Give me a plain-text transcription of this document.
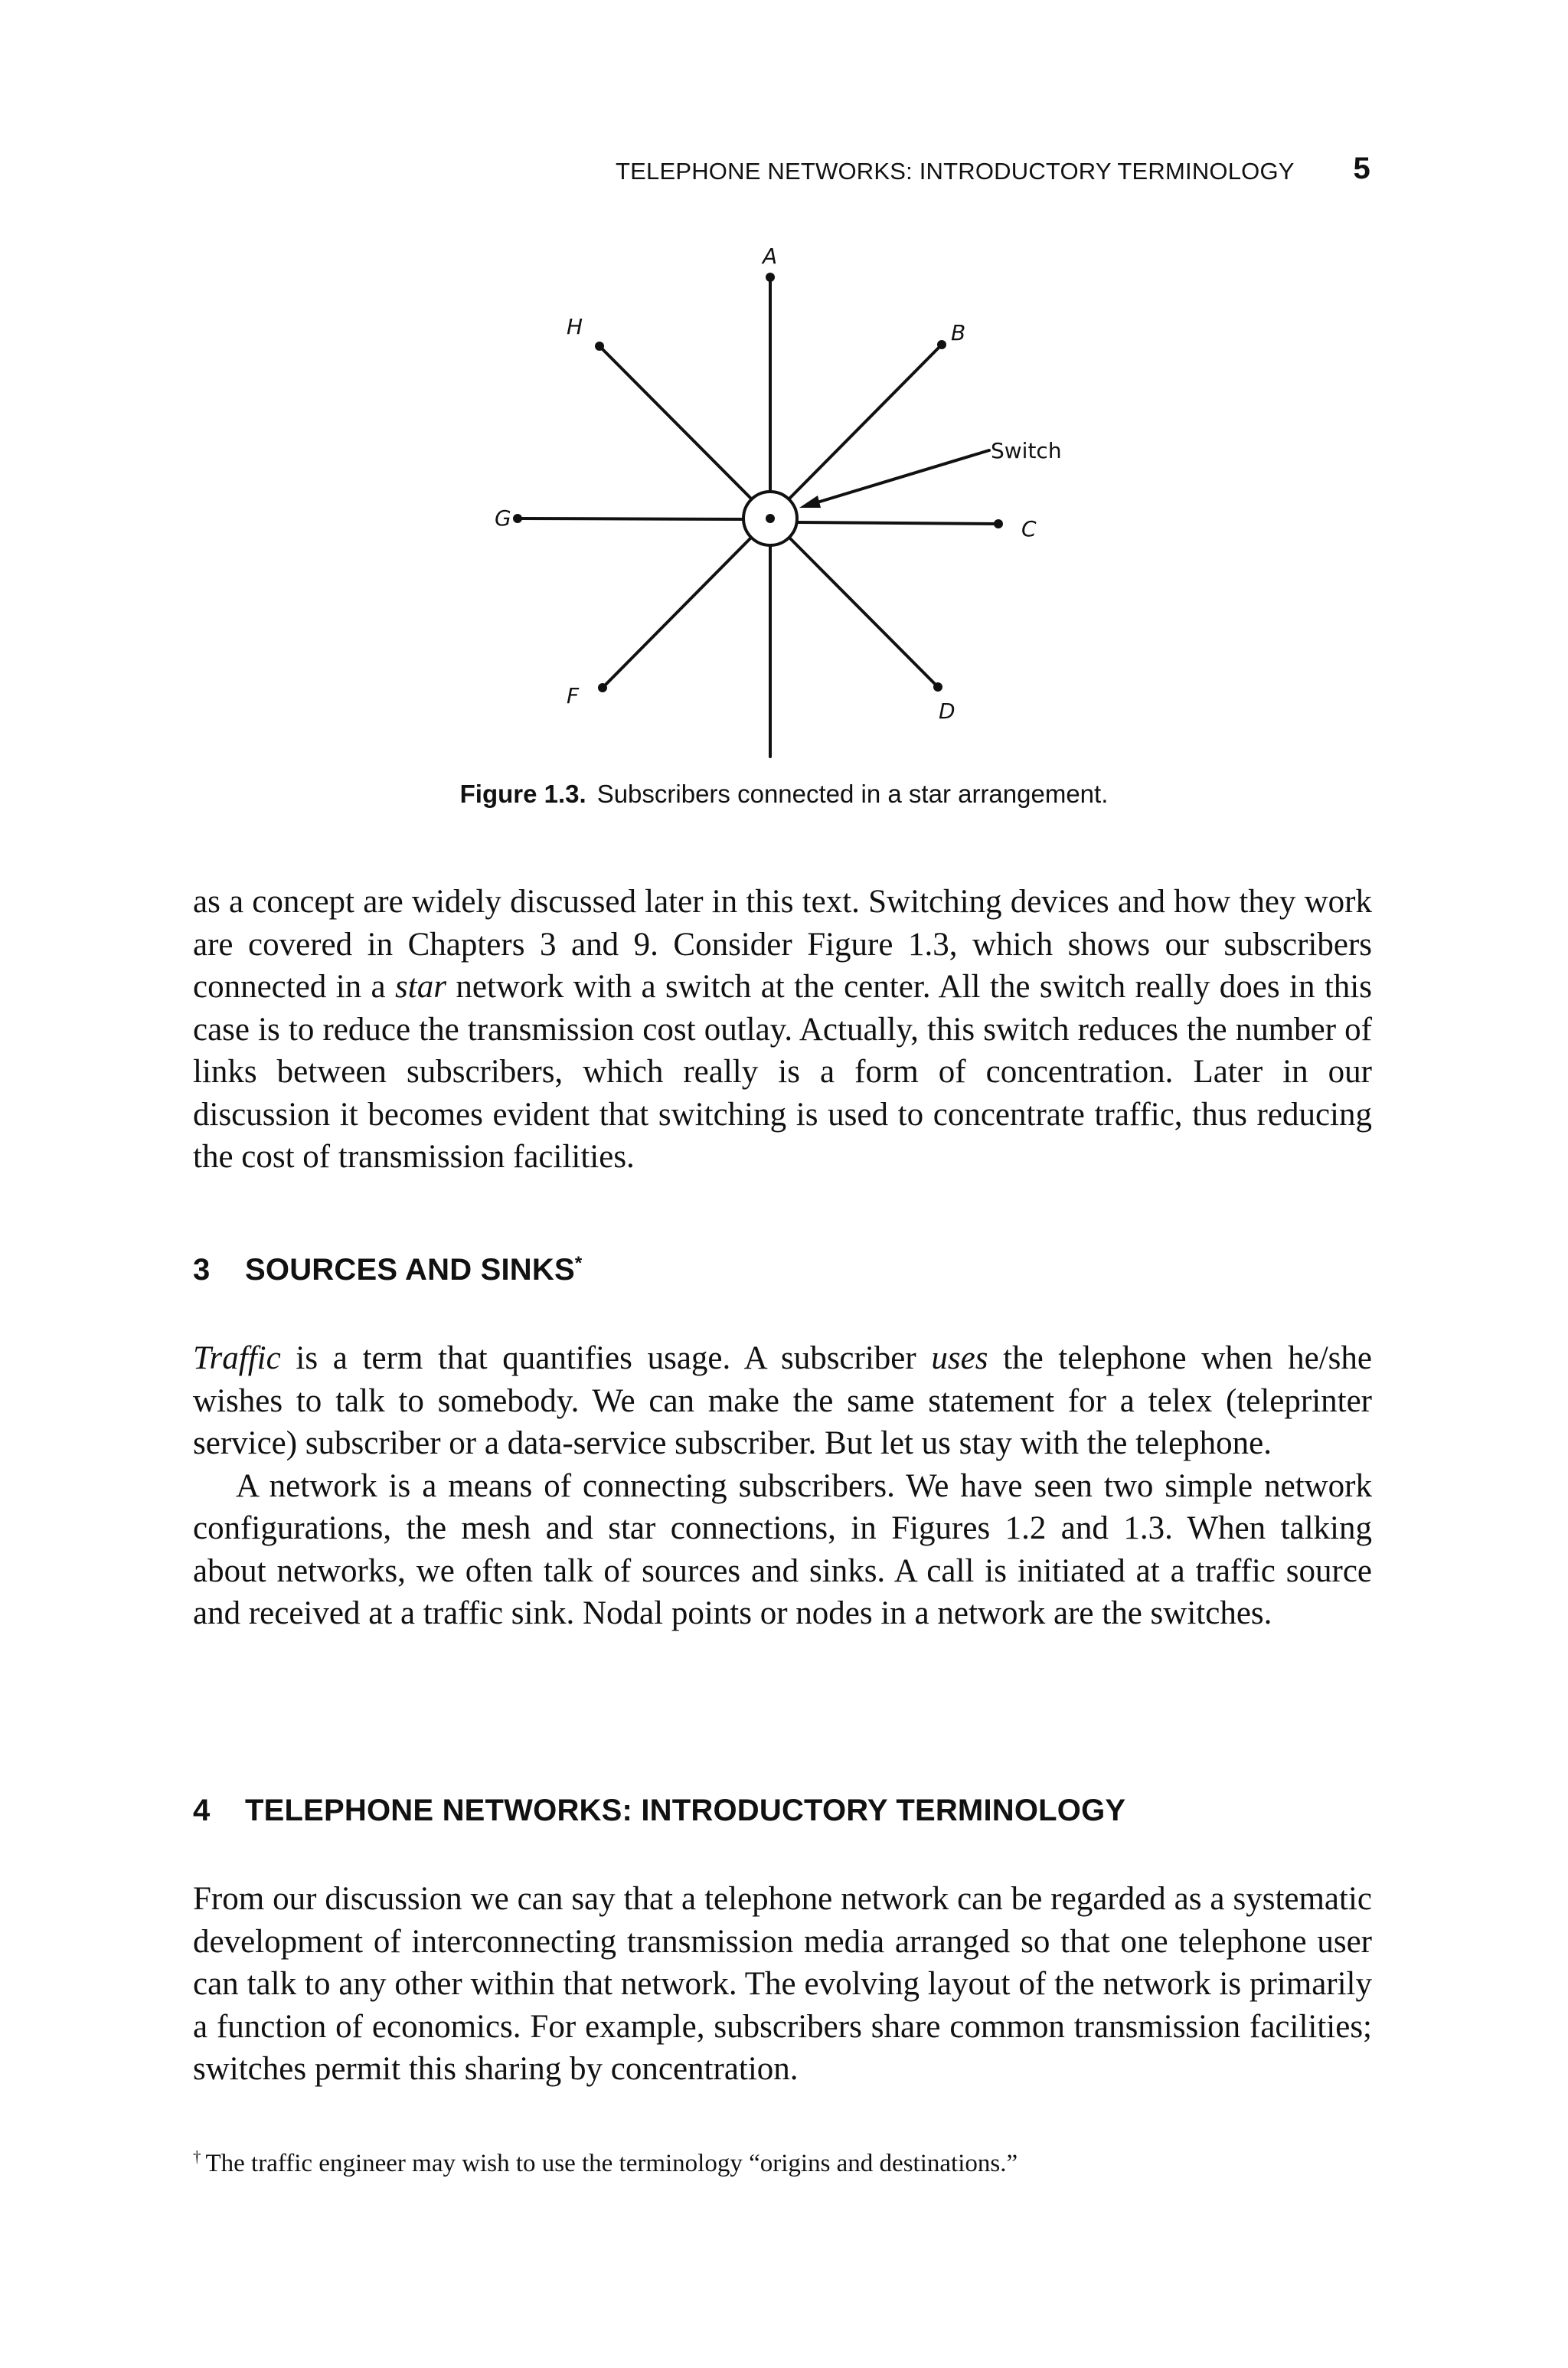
TELEPHONE NETWORKS: INTRODUCTORY TERMINOLOGY 5
A
B
C
D
F
G
H
Switch
Figure 1.3. Subscribers connected in a star arrangement.

as a concept are widely discussed later in this text. Switching devices and how they work are covered in Chapters 3 and 9. Consider Figure 1.3, which shows our subscribers connected in a star network with a switch at the center. All the switch really does in this case is to reduce the transmission cost outlay. Actually, this switch reduces the number of links between subscribers, which really is a form of concentration. Later in our discussion it becomes evident that switching is used to concentrate traffic, thus reducing the cost of transmission facilities.

3 SOURCES AND SINKS*

Traffic is a term that quantifies usage. A subscriber uses the telephone when he/she wishes to talk to somebody. We can make the same statement for a telex (teleprinter service) subscriber or a data-service subscriber. But let us stay with the telephone.

A network is a means of connecting subscribers. We have seen two simple network configurations, the mesh and star connections, in Figures 1.2 and 1.3. When talking about networks, we often talk of sources and sinks. A call is initiated at a traffic source and received at a traffic sink. Nodal points or nodes in a network are the switches.

4 TELEPHONE NETWORKS: INTRODUCTORY TERMINOLOGY

From our discussion we can say that a telephone network can be regarded as a systematic development of interconnecting transmission media arranged so that one telephone user can talk to any other within that network. The evolving layout of the network is primarily a function of economics. For example, subscribers share common transmission facilities; switches permit this sharing by concentration.

† The traffic engineer may wish to use the terminology “origins and destinations.”
